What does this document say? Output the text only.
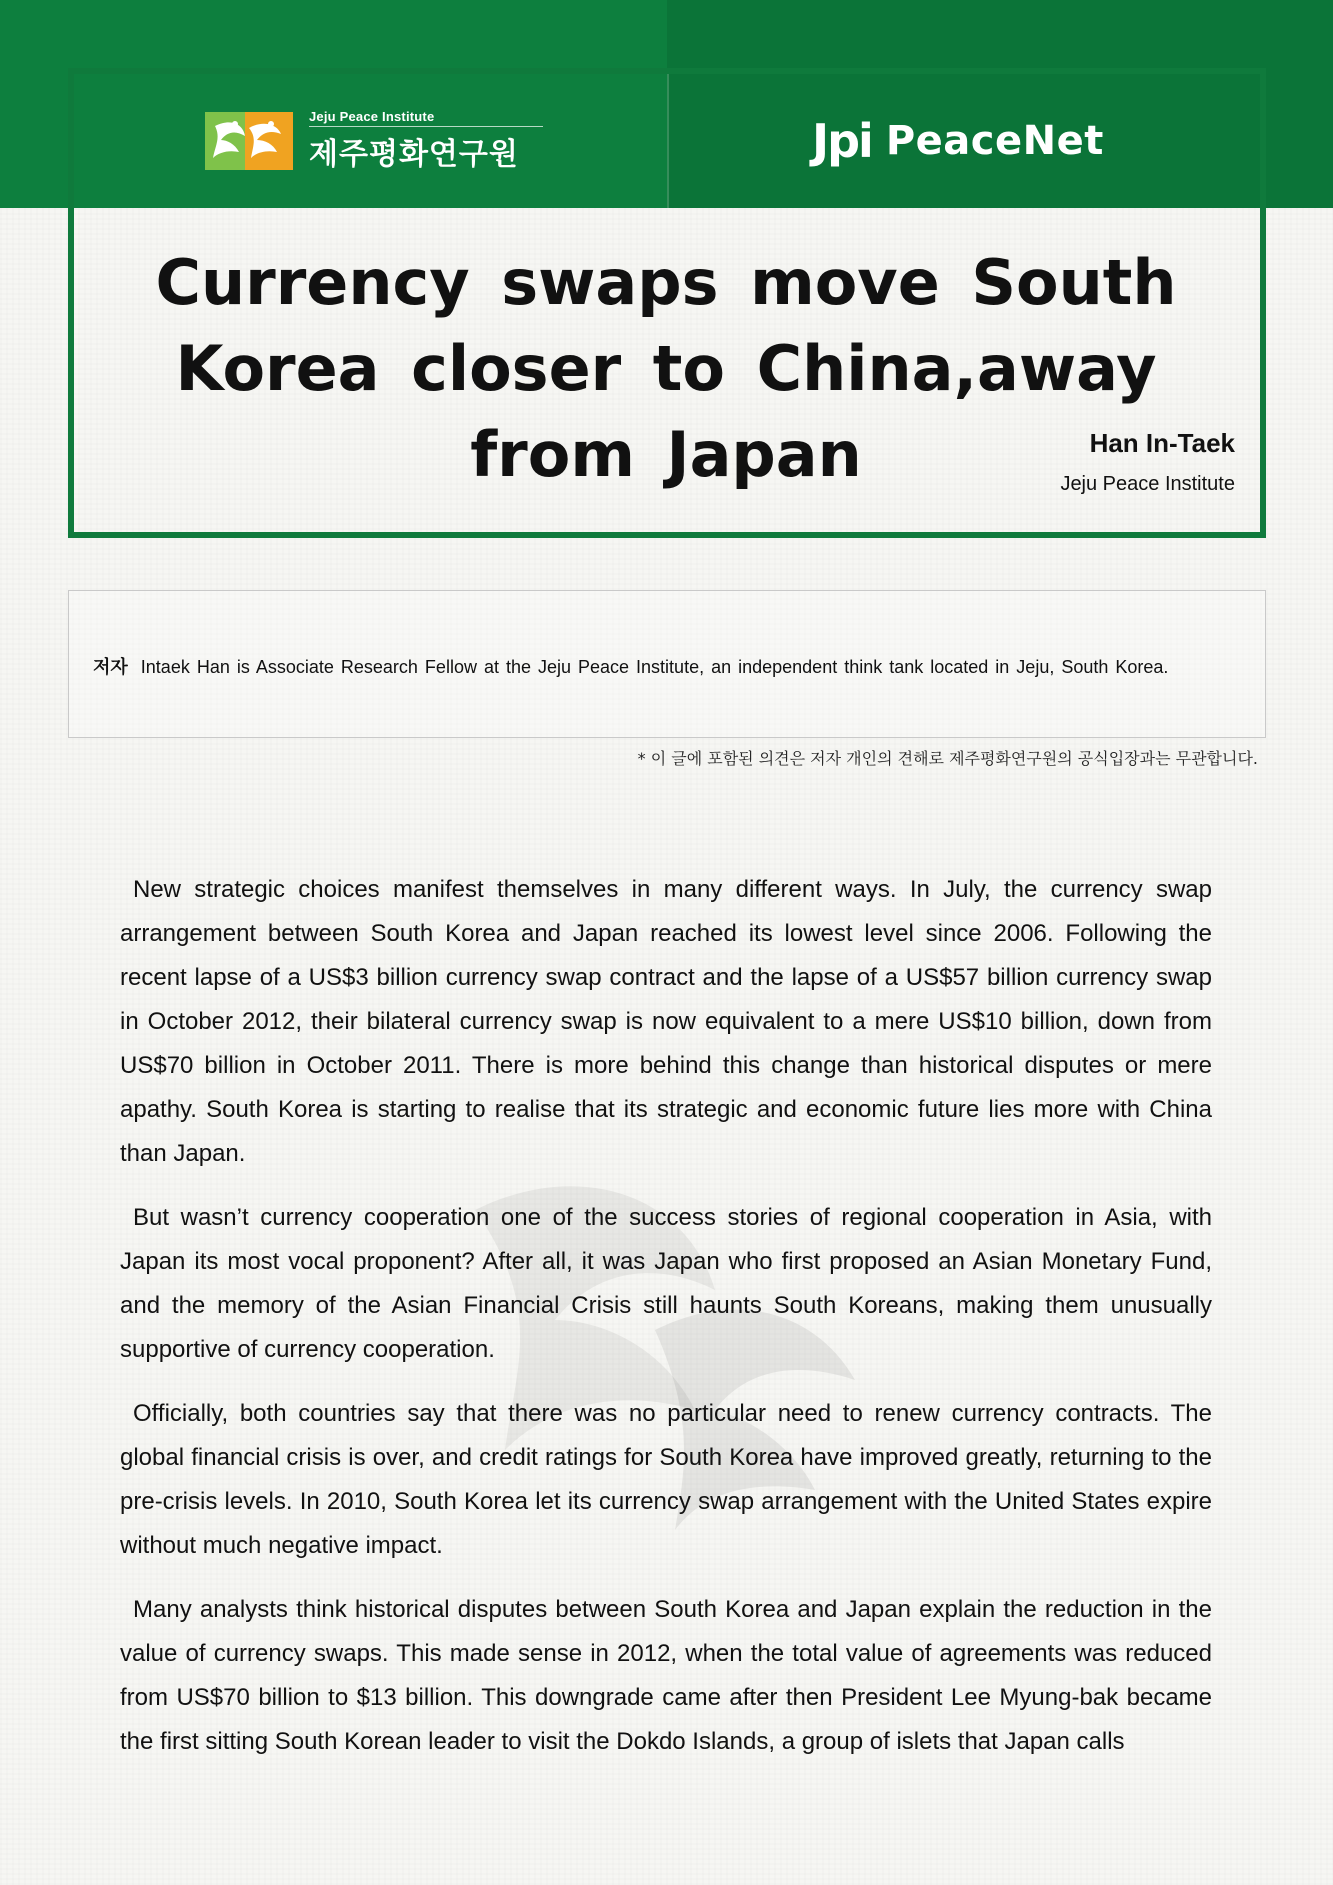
Jeju Peace Institute
제주평화연구원	Jpi PeaceNet
Currency swaps move South Korea closer to China,away from Japan	Han In-Taek
Jeju Peace Institute
저자 Intaek Han is Associate Research Fellow at the Jeju Peace Institute, an independent think tank located in Jeju, South Korea.
* 이 글에 포함된 의견은 저자 개인의 견해로 제주평화연구원의 공식입장과는 무관합니다.

New strategic choices manifest themselves in many different ways. In July, the currency swap arrangement between South Korea and Japan reached its lowest level since 2006. Following the recent lapse of a US$3 billion currency swap contract and the lapse of a US$57 billion currency swap in October 2012, their bilateral currency swap is now equivalent to a mere US$10 billion, down from US$70 billion in October 2011. There is more behind this change than historical disputes or mere apathy. South Korea is starting to realise that its strategic and economic future lies more with China than Japan.

But wasn’t currency cooperation one of the success stories of regional cooperation in Asia, with Japan its most vocal proponent? After all, it was Japan who first proposed an Asian Monetary Fund, and the memory of the Asian Financial Crisis still haunts South Koreans, making them unusually supportive of currency cooperation.

Officially, both countries say that there was no particular need to renew currency contracts. The global financial crisis is over, and credit ratings for South Korea have improved greatly, returning to the pre-crisis levels. In 2010, South Korea let its currency swap arrangement with the United States expire without much negative impact.

Many analysts think historical disputes between South Korea and Japan explain the reduction in the value of currency swaps. This made sense in 2012, when the total value of agreements was reduced from US$70 billion to $13 billion. This downgrade came after then President Lee Myung-bak became the first sitting South Korean leader to visit the Dokdo Islands, a group of islets that Japan calls
